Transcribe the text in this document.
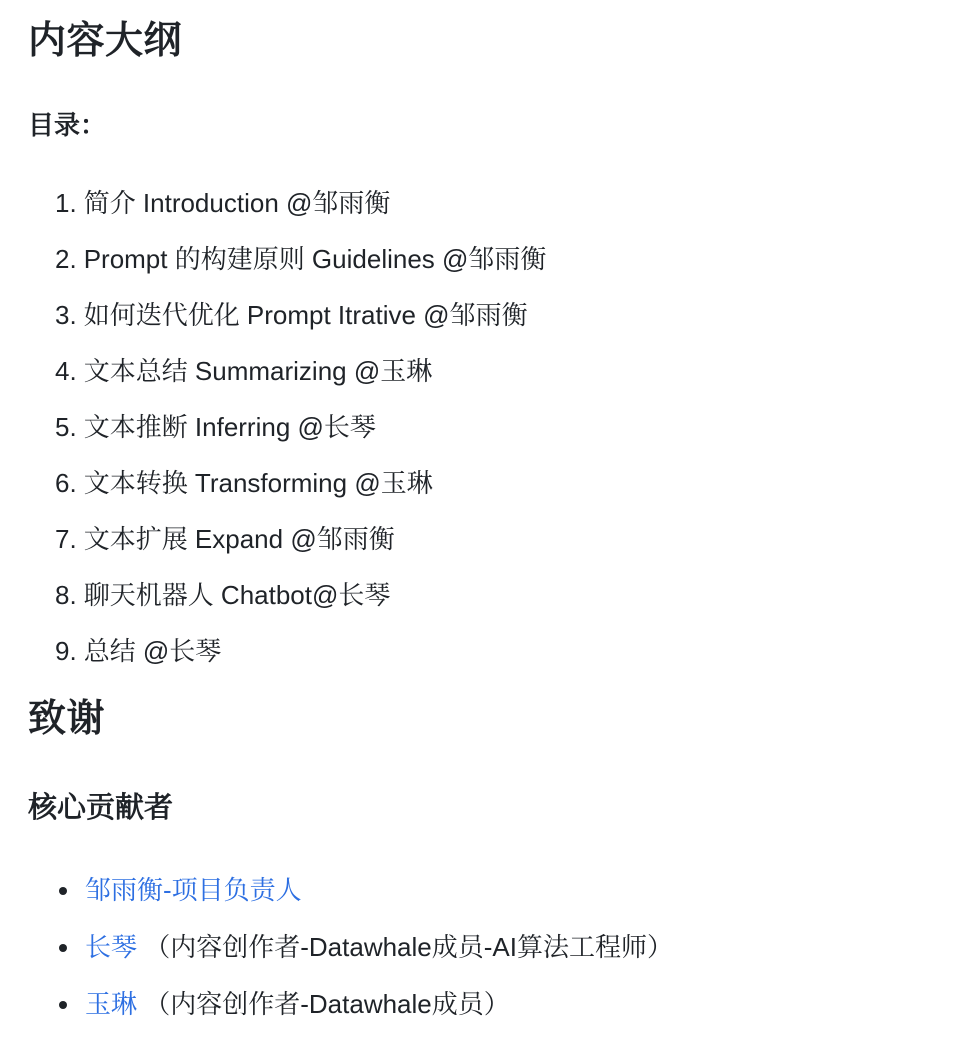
内容大纲

目录：

1. 简介 Introduction @邹雨衡
2. Prompt 的构建原则 Guidelines @邹雨衡
3. 如何迭代优化 Prompt Itrative @邹雨衡
4. 文本总结 Summarizing @玉琳
5. 文本推断 Inferring @长琴
6. 文本转换 Transforming @玉琳
7. 文本扩展 Expand @邹雨衡
8. 聊天机器人 Chatbot@长琴
9. 总结 @长琴
致谢
核心贡献者
• 邹雨衡-项目负责人
• 长琴 （内容创作者-Datawhale成员-AI算法工程师）
• 玉琳 （内容创作者-Datawhale成员）
